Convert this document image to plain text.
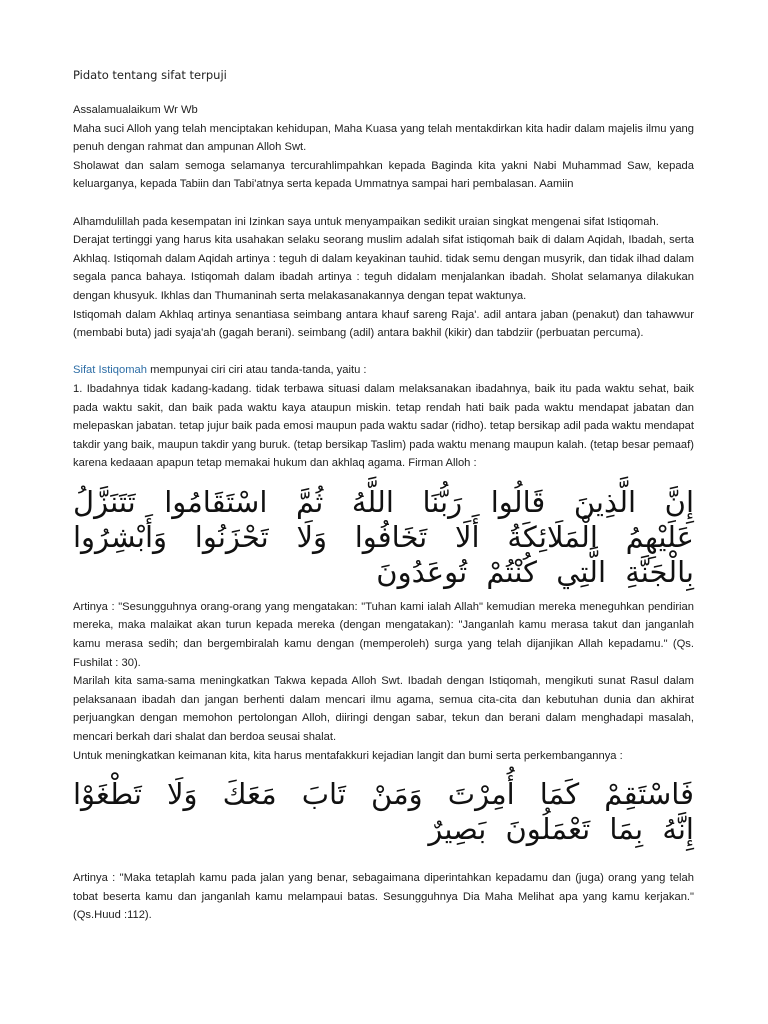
Pidato tentang sifat terpuji

Assalamualaikum Wr Wb

Maha suci Alloh yang telah menciptakan kehidupan, Maha Kuasa yang telah mentakdirkan kita hadir dalam majelis ilmu yang penuh dengan rahmat dan ampunan Alloh Swt.

Sholawat dan salam semoga selamanya tercurahlimpahkan kepada Baginda kita yakni Nabi Muhammad Saw, kepada keluarganya, kepada Tabiin dan Tabi'atnya serta kepada Ummatnya sampai hari pembalasan. Aamiin

Alhamdulillah pada kesempatan ini Izinkan saya untuk menyampaikan sedikit uraian singkat mengenai sifat Istiqomah.

Derajat tertinggi yang harus kita usahakan selaku seorang muslim adalah sifat istiqomah baik di dalam Aqidah, Ibadah, serta Akhlaq. Istiqomah dalam Aqidah artinya : teguh di dalam keyakinan tauhid. tidak semu dengan musyrik, dan tidak ilhad dalam segala panca bahaya. Istiqomah dalam ibadah artinya : teguh didalam menjalankan ibadah. Sholat selamanya dilakukan dengan khusyuk. Ikhlas dan Thumaninah serta melakasanakannya dengan tepat waktunya.

Istiqomah dalam Akhlaq artinya senantiasa seimbang antara khauf sareng Raja'. adil antara jaban (penakut) dan tahawwur (membabi buta) jadi syaja'ah (gagah berani). seimbang (adil) antara bakhil (kikir) dan tabdziir (perbuatan percuma).

Sifat Istiqomah mempunyai ciri ciri atau tanda-tanda, yaitu :

1. Ibadahnya tidak kadang-kadang. tidak terbawa situasi dalam melaksanakan ibadahnya, baik itu pada waktu sehat, baik pada waktu sakit, dan baik pada waktu kaya ataupun miskin. tetap rendah hati baik pada waktu mendapat jabatan dan melepaskan jabatan. tetap jujur baik pada emosi maupun pada waktu sadar (ridho). tetap bersikap adil pada waktu mendapat takdir yang baik, maupun takdir yang buruk. (tetap bersikap Taslim) pada waktu menang maupun kalah. (tetap besar pemaaf) karena kedaaan apapun tetap memakai hukum dan akhlaq agama. Firman Alloh :

إِنَّ الَّذِينَ قَالُوا رَبُّنَا اللَّهُ ثُمَّ اسْتَقَامُوا تَتَنَزَّلُ عَلَيْهِمُ الْمَلَائِكَةُ أَلَا تَخَافُوا وَلَا تَحْزَنُوا وَأَبْشِرُوا بِالْجَنَّةِ الَّتِي كُنْتُمْ تُوعَدُونَ

Artinya : "Sesungguhnya orang-orang yang mengatakan: "Tuhan kami ialah Allah" kemudian mereka meneguhkan pendirian mereka, maka malaikat akan turun kepada mereka (dengan mengatakan): "Janganlah kamu merasa takut dan janganlah kamu merasa sedih; dan bergembiralah kamu dengan (memperoleh) surga yang telah dijanjikan Allah kepadamu." (Qs. Fushilat : 30).

Marilah kita sama-sama meningkatkan Takwa kepada Alloh Swt. Ibadah dengan Istiqomah, mengikuti sunat Rasul dalam pelaksanaan ibadah dan jangan berhenti dalam mencari ilmu agama, semua cita-cita dan kebutuhan dunia dan akhirat perjuangkan dengan memohon pertolongan Alloh, diiringi dengan sabar, tekun dan berani dalam menghadapi masalah, mencari berkah dari shalat dan berdoa seusai shalat.

Untuk meningkatkan keimanan kita, kita harus mentafakkuri kejadian langit dan bumi serta perkembangannya :

فَاسْتَقِمْ كَمَا أُمِرْتَ وَمَنْ تَابَ مَعَكَ وَلَا تَطْغَوْا إِنَّهُ بِمَا تَعْمَلُونَ بَصِيرٌ

Artinya : "Maka tetaplah kamu pada jalan yang benar, sebagaimana diperintahkan kepadamu dan (juga) orang yang telah tobat beserta kamu dan janganlah kamu melampaui batas. Sesungguhnya Dia Maha Melihat apa yang kamu kerjakan." (Qs.Huud :112).
